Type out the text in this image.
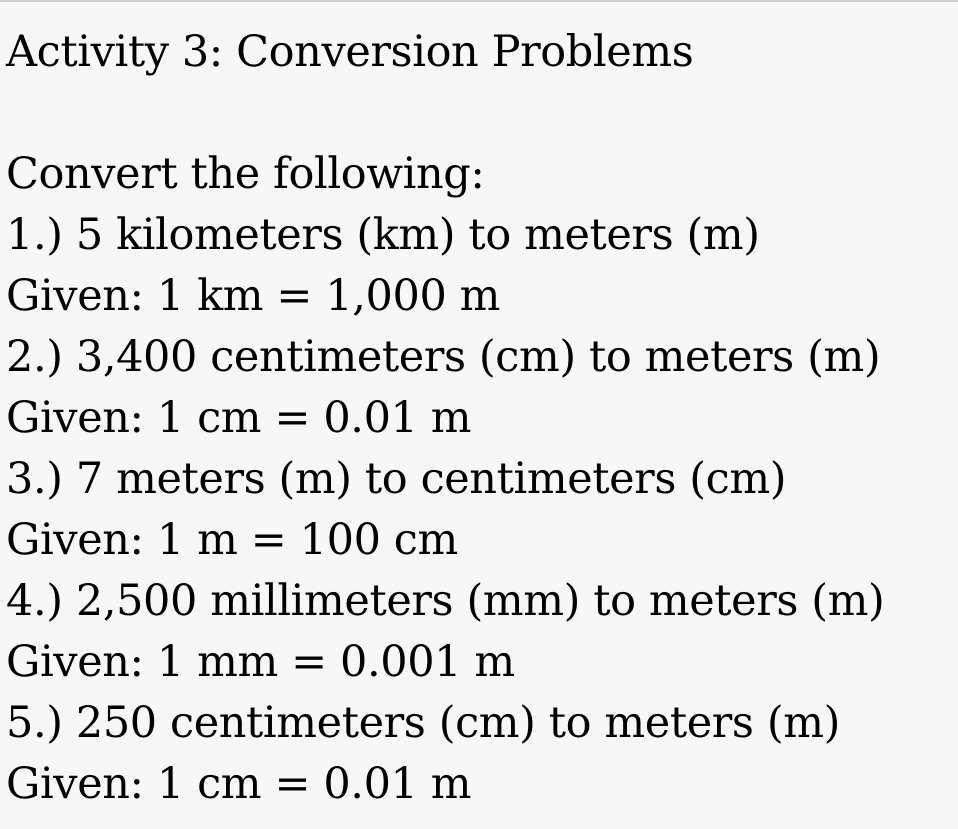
Activity 3: Conversion Problems
Convert the following:
1.) 5 kilometers (km) to meters (m)
Given: 1 km = 1,000 m
2.) 3,400 centimeters (cm) to meters (m)
Given: 1 cm = 0.01 m
3.) 7 meters (m) to centimeters (cm)
Given: 1 m = 100 cm
4.) 2,500 millimeters (mm) to meters (m)
Given: 1 mm = 0.001 m
5.) 250 centimeters (cm) to meters (m)
Given: 1 cm = 0.01 m
